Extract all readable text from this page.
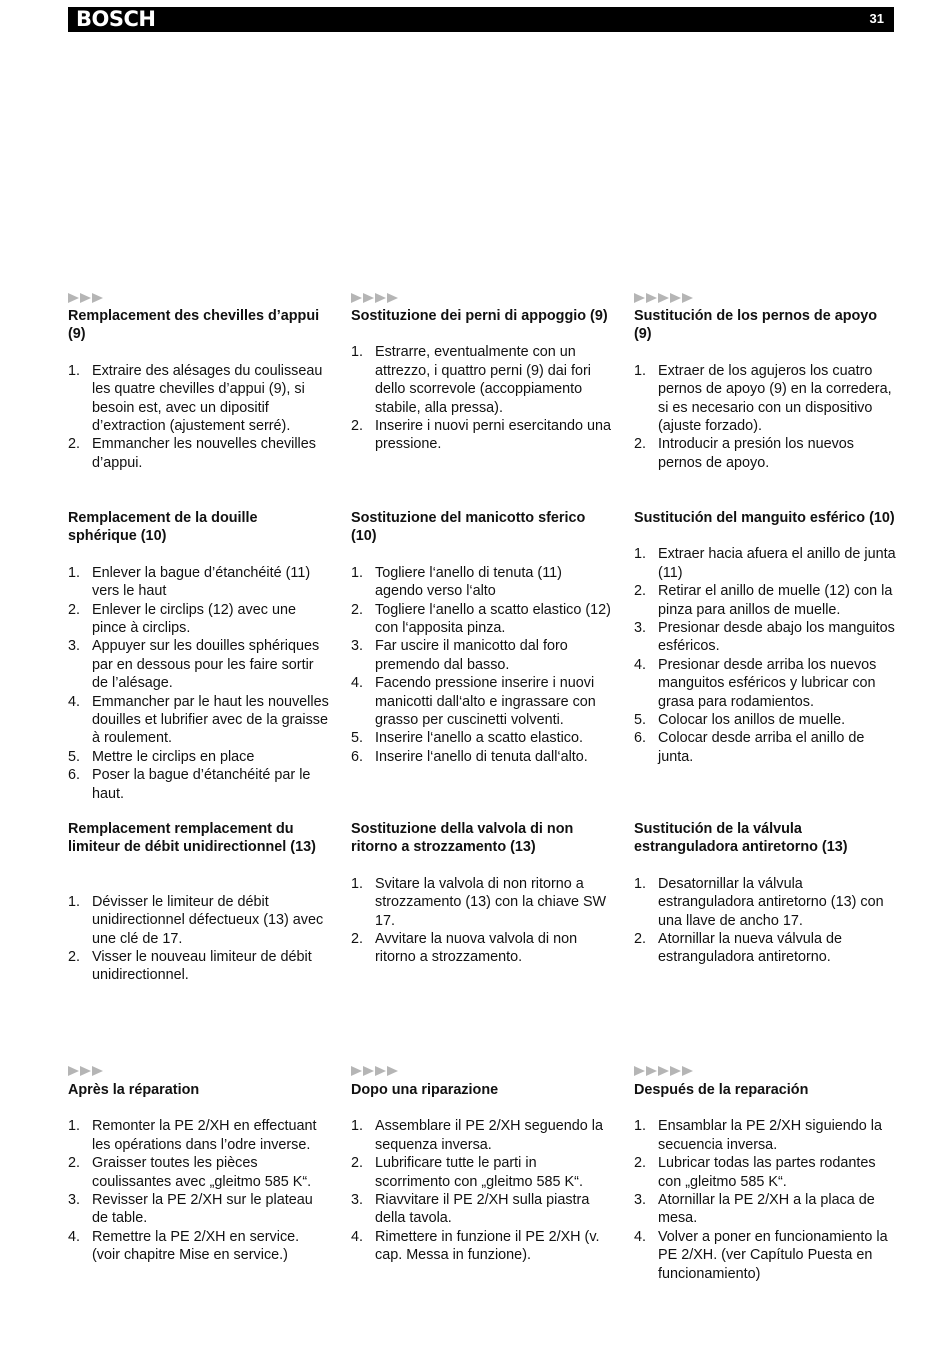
BOSCH	31
Remplacement des chevilles d’appui (9)
1. Extraire des alésages du coulisseau les quatre chevilles d’appui (9), si besoin est, avec un dipositif d’extraction (ajustement serré).
2. Emmancher les nouvelles chevilles d’appui.
Remplacement de la douille sphérique (10)
1. Enlever la bague d’étanchéité (11) vers le haut
2. Enlever le circlips (12) avec une pince à circlips.
3. Appuyer sur les douilles sphériques par en dessous pour les faire sortir de l’alésage.
4. Emmancher par le haut les nouvelles douilles et lubrifier avec de la graisse à roulement.
5. Mettre le circlips en place
6. Poser la bague d’étanchéité par le haut.
Remplacement remplacement du limiteur de débit unidirectionnel (13)
1. Dévisser le limiteur de débit unidirectionnel défectueux (13) avec une clé de 17.
2. Visser le nouveau limiteur de débit unidirectionnel.
Après la réparation
1. Remonter la PE 2/XH en effectuant les opérations dans l’odre inverse.
2. Graisser toutes les pièces coulissantes avec „gleitmo 585 K“.
3. Revisser la PE 2/XH sur le plateau de table.
4. Remettre la PE 2/XH en service. (voir chapitre Mise en service.)
Sostituzione dei perni di appoggio (9)
1. Estrarre, eventualmente con un attrezzo, i quattro perni (9) dai fori dello scorrevole (accoppiamento stabile, alla pressa).
2. Inserire i nuovi perni esercitando una pressione.
Sostituzione del manicotto sferico (10)
1. Togliere l‘anello di tenuta (11) agendo verso l‘alto
2. Togliere l‘anello a scatto elastico (12) con l‘apposita pinza.
3. Far uscire il manicotto dal foro premendo dal basso.
4. Facendo pressione inserire i nuovi manicotti dall‘alto e ingrassare con grasso per cuscinetti volventi.
5. Inserire l‘anello a scatto elastico.
6. Inserire l‘anello di tenuta dall‘alto.
Sostituzione della valvola di non ritorno a strozzamento (13)
1. Svitare la valvola di non ritorno a strozzamento (13) con la chiave SW 17.
2. Avvitare la nuova valvola di non ritorno a strozzamento.
Dopo una riparazione
1. Assemblare il PE 2/XH seguendo la sequenza inversa.
2. Lubrificare tutte le parti in scorrimento con „gleitmo 585 K“.
3. Riavvitare il PE 2/XH sulla piastra della tavola.
4. Rimettere in funzione il PE 2/XH (v. cap. Messa in funzione).
Sustitución de los pernos de apoyo (9)
1. Extraer de los agujeros los cuatro pernos de apoyo (9) en la corredera, si es necesario con un dispositivo (ajuste forzado).
2. Introducir a presión los nuevos pernos de apoyo.
Sustitución del manguito esférico (10)
1. Extraer hacia afuera el anillo de junta (11)
2. Retirar el anillo de muelle (12) con la pinza para anillos de muelle.
3. Presionar desde abajo los manguitos esféricos.
4. Presionar desde arriba los nuevos manguitos esféricos y lubricar con grasa para rodamientos.
5. Colocar los anillos de muelle.
6. Colocar desde arriba el anillo de junta.
Sustitución de la válvula estranguladora antiretorno (13)
1. Desatornillar la válvula estranguladora antiretorno (13) con una llave de ancho 17.
2. Atornillar la nueva válvula de estranguladora antiretorno.
Después de la reparación
1. Ensamblar la PE 2/XH siguiendo la secuencia inversa.
2. Lubricar todas las partes rodantes con „gleitmo 585 K“.
3. Atornillar la PE 2/XH a la placa de mesa.
4. Volver a poner en funcionamiento la PE 2/XH. (ver Capítulo Puesta en funcionamiento)
